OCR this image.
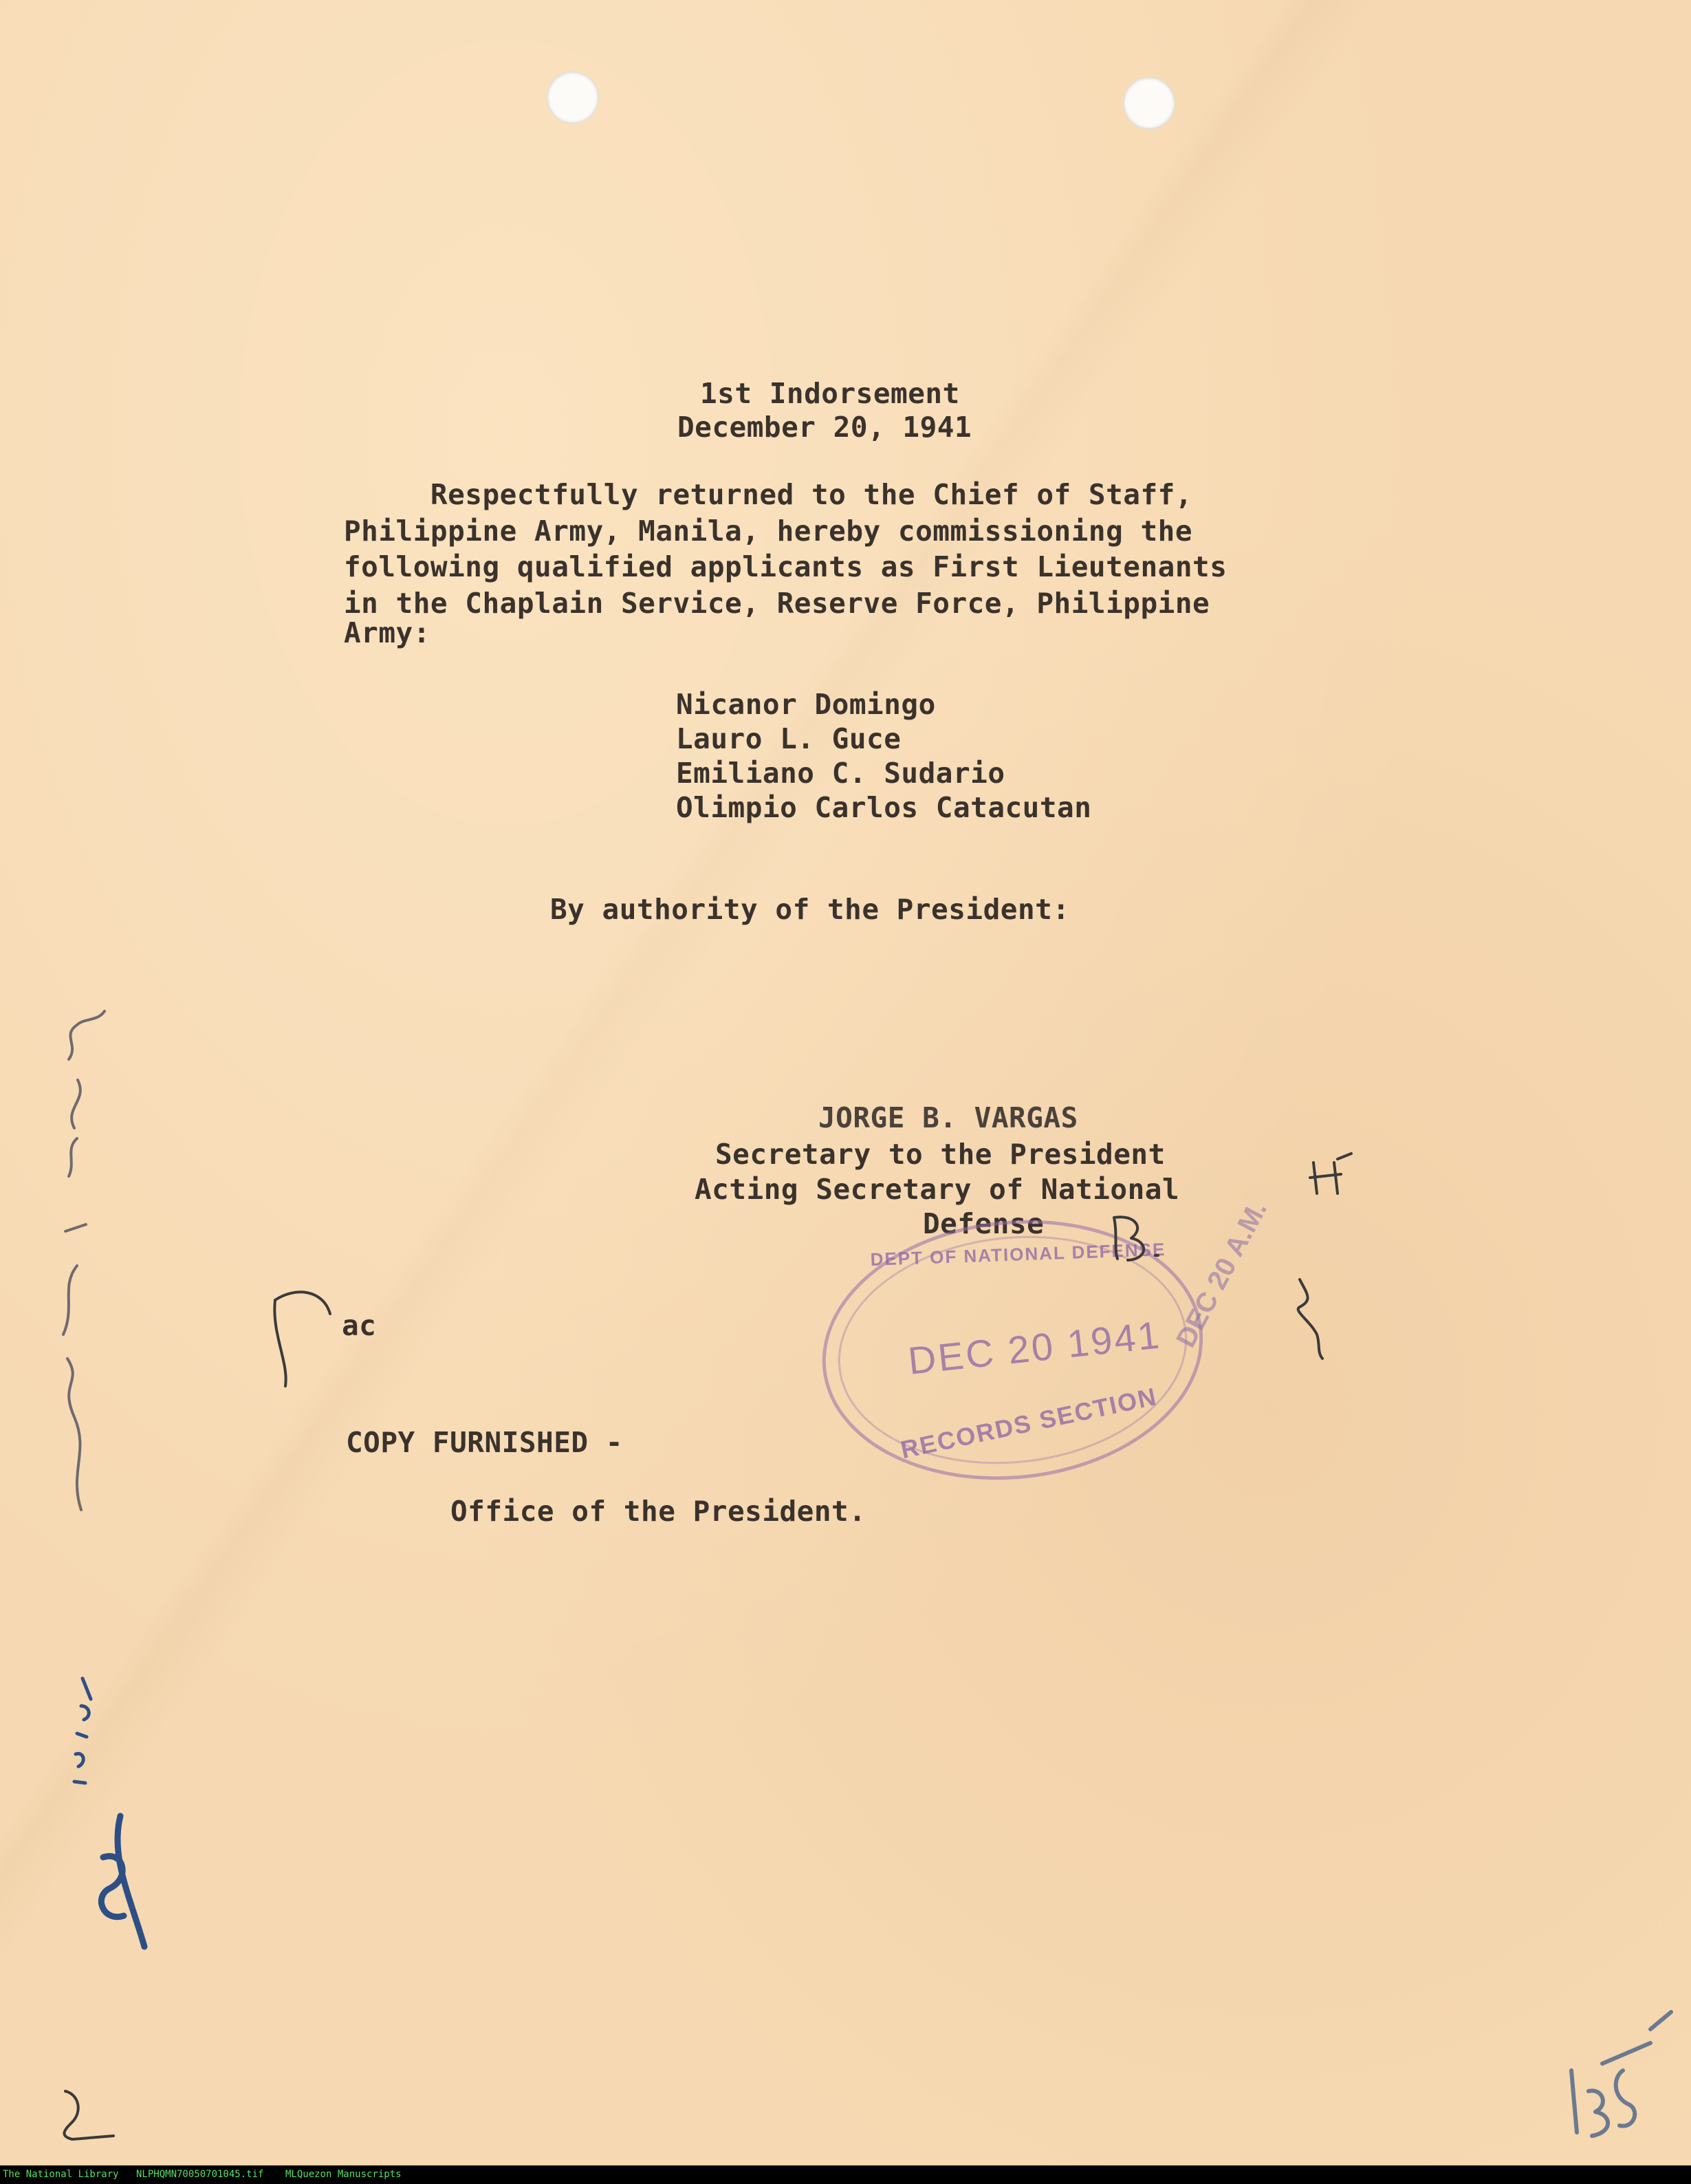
1st Indorsement
December 20, 1941
Respectfully returned to the Chief of Staff,
Philippine Army, Manila, hereby commissioning the
following qualified applicants as First Lieutenants
in the Chaplain Service, Reserve Force, Philippine
Army:
Nicanor Domingo
Lauro L. Guce
Emiliano C. Sudario
Olimpio Carlos Catacutan
By authority of the President:
JORGE B. VARGAS
Secretary to the President
Acting Secretary of National
Defense
ac
COPY FURNISHED -
Office of the President.
DEPT OF NATIONAL DEFENSE
DEC 20 1941
RECORDS SECTION
DEC 20 A.M.
The National Library NLPHQMN70050701045.tif MLQuezon Manuscripts
